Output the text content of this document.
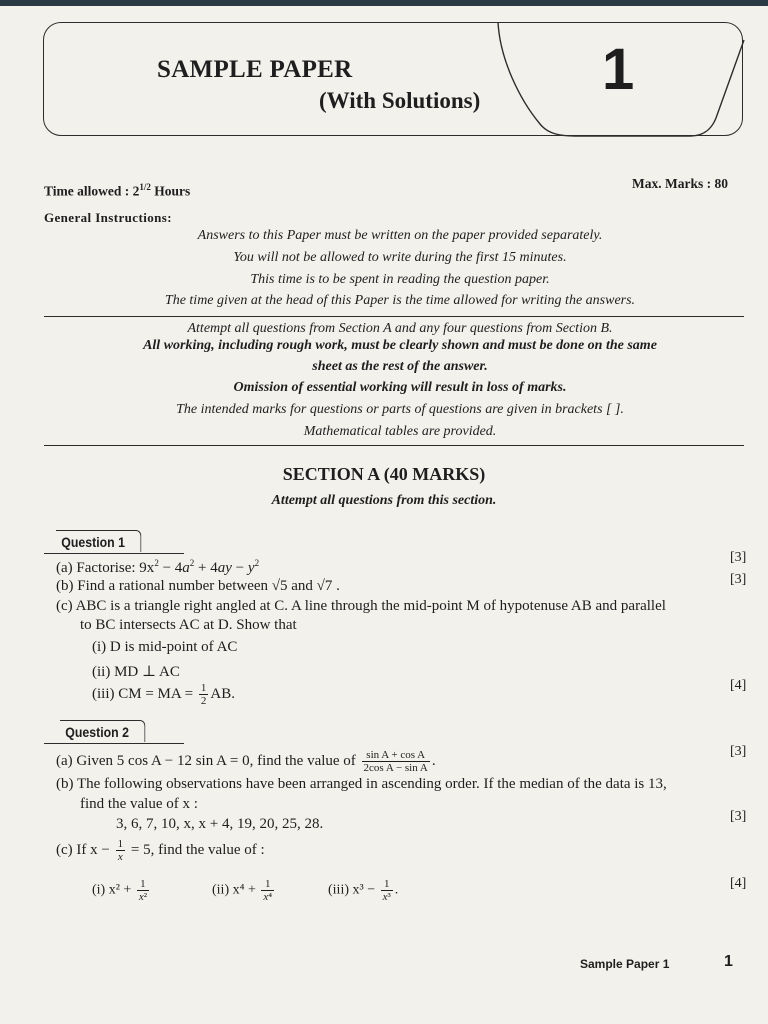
SAMPLE PAPER
(With Solutions) 1
Time allowed : $2^{1/2}$ Hours	Max. Marks : 80
General Instructions:
Answers to this Paper must be written on the paper provided separately.
You will not be allowed to write during the first 15 minutes.
This time is to be spent in reading the question paper.
The time given at the head of this Paper is the time allowed for writing the answers.
Attempt all questions from Section A and any four questions from Section B.
All working, including rough work, must be clearly shown and must be done on the same
sheet as the rest of the answer.
Omission of essential working will result in loss of marks.
The intended marks for questions or parts of questions are given in brackets [ ].
Mathematical tables are provided.
SECTION A (40 MARKS)
Attempt all questions from this section.
Question 1
(a) Factorise: $9x^2 - 4a^2 + 4ay - y^2$	[3]
(b) Find a rational number between √5 and √7 .	[3]
(c) ABC is a triangle right angled at C. A line through the mid-point M of hypotenuse AB and parallel
to BC intersects AC at D. Show that
(i) D is mid-point of AC
(ii) MD ⊥ AC
(iii) CM = MA = $\frac{1}{2}$ AB.
[4]
Question 2
(a) Given 5 cos A − 12 sin A = 0, find the value of $\frac{\text{sin A + cos A}}{\text{2cos A − sin A}}$ .
[3]
(b) The following observations have been arranged in ascending order. If the median of the data is 13,
find the value of x :
3, 6, 7, 10, x, x + 4, 19, 20, 25, 28.	[3]
(c) If $x - \frac{1}{x} = 5$, find the value of :
(i) $x^2 + \frac{1}{\text{x²}}$	(ii) $x^4 + \frac{1}{\text{x⁴}}$	(iii) $x^3 - \frac{1}{\text{x³}}$ .	[4]
Sample Paper 1	1
